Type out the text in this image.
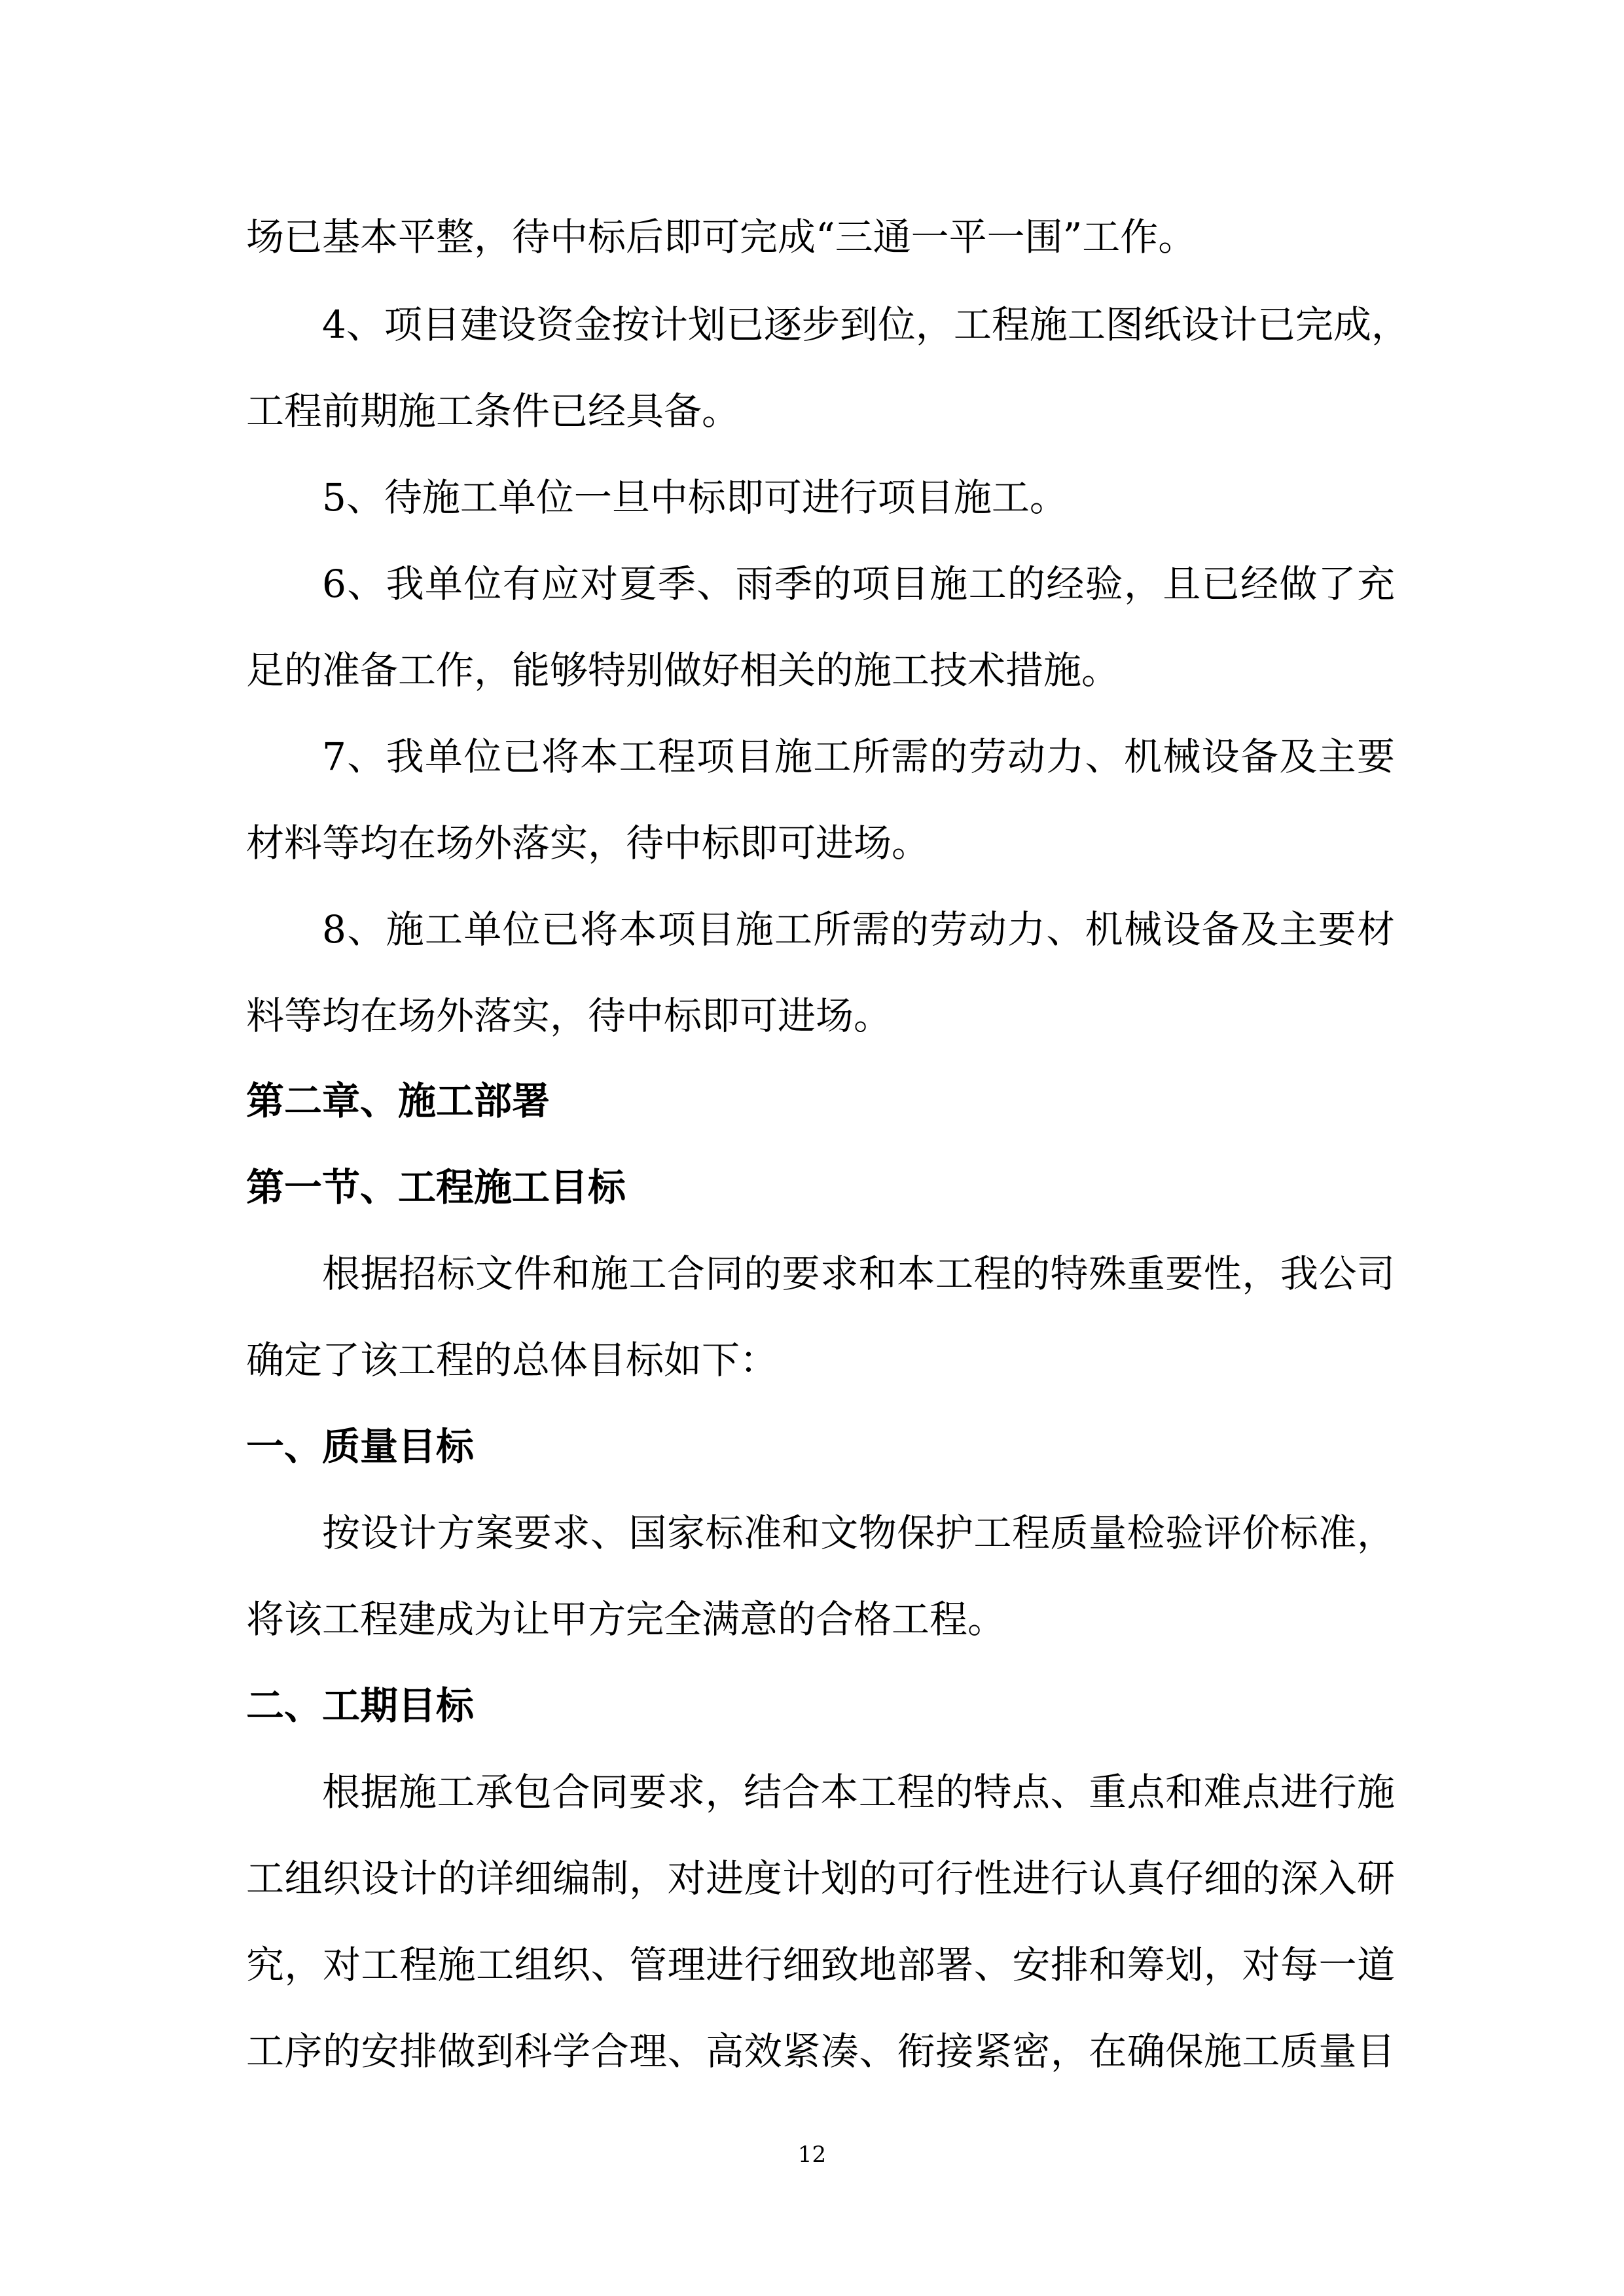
场已基本平整，待中标后即可完成“三通一平一围”工作。

4、项目建设资金按计划已逐步到位，工程施工图纸设计已完成，

工程前期施工条件已经具备。

5、待施工单位一旦中标即可进行项目施工。

6、我单位有应对夏季、雨季的项目施工的经验，且已经做了充

足的准备工作，能够特别做好相关的施工技术措施。

7、我单位已将本工程项目施工所需的劳动力、机械设备及主要

材料等均在场外落实，待中标即可进场。

8、施工单位已将本项目施工所需的劳动力、机械设备及主要材

料等均在场外落实，待中标即可进场。

第二章、施工部署

第一节、工程施工目标

根据招标文件和施工合同的要求和本工程的特殊重要性，我公司

确定了该工程的总体目标如下：

一、质量目标

按设计方案要求、国家标准和文物保护工程质量检验评价标准，

将该工程建成为让甲方完全满意的合格工程。

二、工期目标

根据施工承包合同要求，结合本工程的特点、重点和难点进行施

工组织设计的详细编制，对进度计划的可行性进行认真仔细的深入研

究，对工程施工组织、管理进行细致地部署、安排和筹划，对每一道

工序的安排做到科学合理、高效紧凑、衔接紧密，在确保施工质量目

12
